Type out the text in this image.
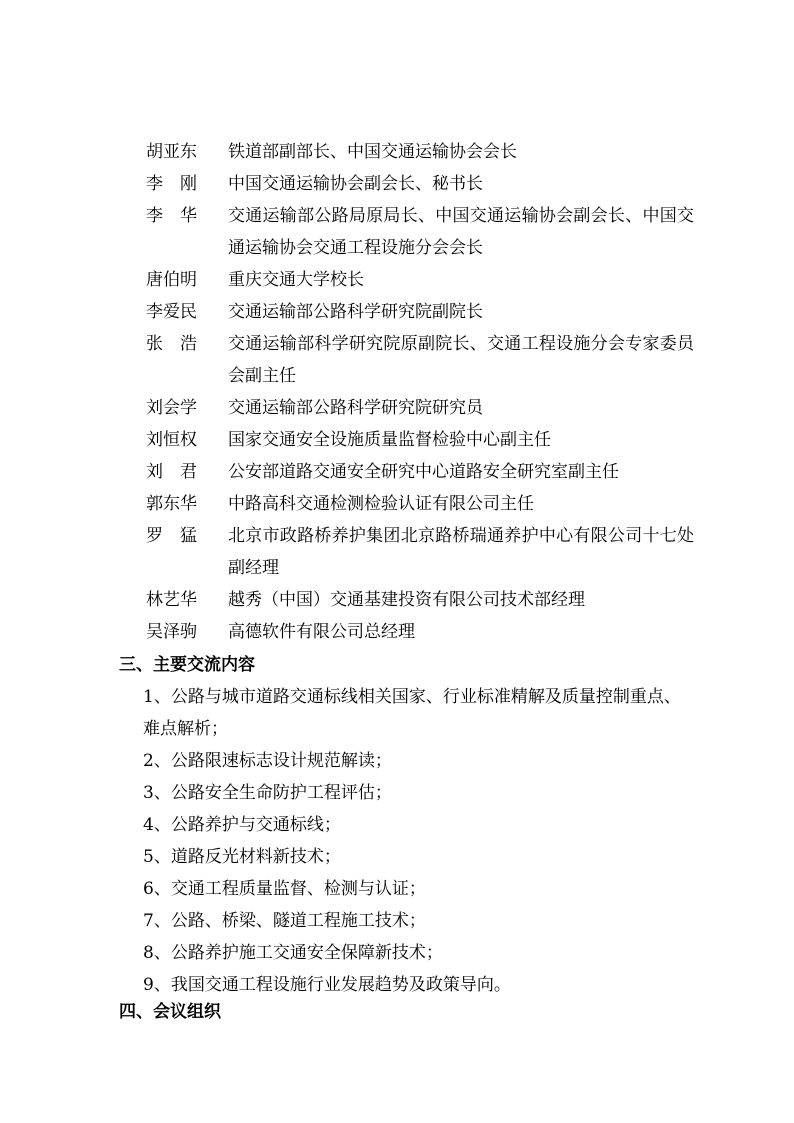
胡亚东	铁道部副部长、中国交通运输协会会长
李　刚	中国交通运输协会副会长、秘书长
李　华	交通运输部公路局原局长、中国交通运输协会副会长、中国交通运输协会交通工程设施分会会长
唐伯明	重庆交通大学校长
李爱民	交通运输部公路科学研究院副院长
张　浩	交通运输部科学研究院原副院长、交通工程设施分会专家委员会副主任
刘会学	交通运输部公路科学研究院研究员
刘恒权	国家交通安全设施质量监督检验中心副主任
刘　君	公安部道路交通安全研究中心道路安全研究室副主任
郭东华	中路高科交通检测检验认证有限公司主任
罗　猛	北京市政路桥养护集团北京路桥瑞通养护中心有限公司十七处副经理
林艺华	越秀（中国）交通基建投资有限公司技术部经理
吴泽驹	高德软件有限公司总经理
三、主要交流内容
1、公路与城市道路交通标线相关国家、行业标准精解及质量控制重点、难点解析；
2、公路限速标志设计规范解读；
3、公路安全生命防护工程评估；
4、公路养护与交通标线；
5、道路反光材料新技术；
6、交通工程质量监督、检测与认证；
7、公路、桥梁、隧道工程施工技术；
8、公路养护施工交通安全保障新技术；
9、我国交通工程设施行业发展趋势及政策导向。
四、会议组织
